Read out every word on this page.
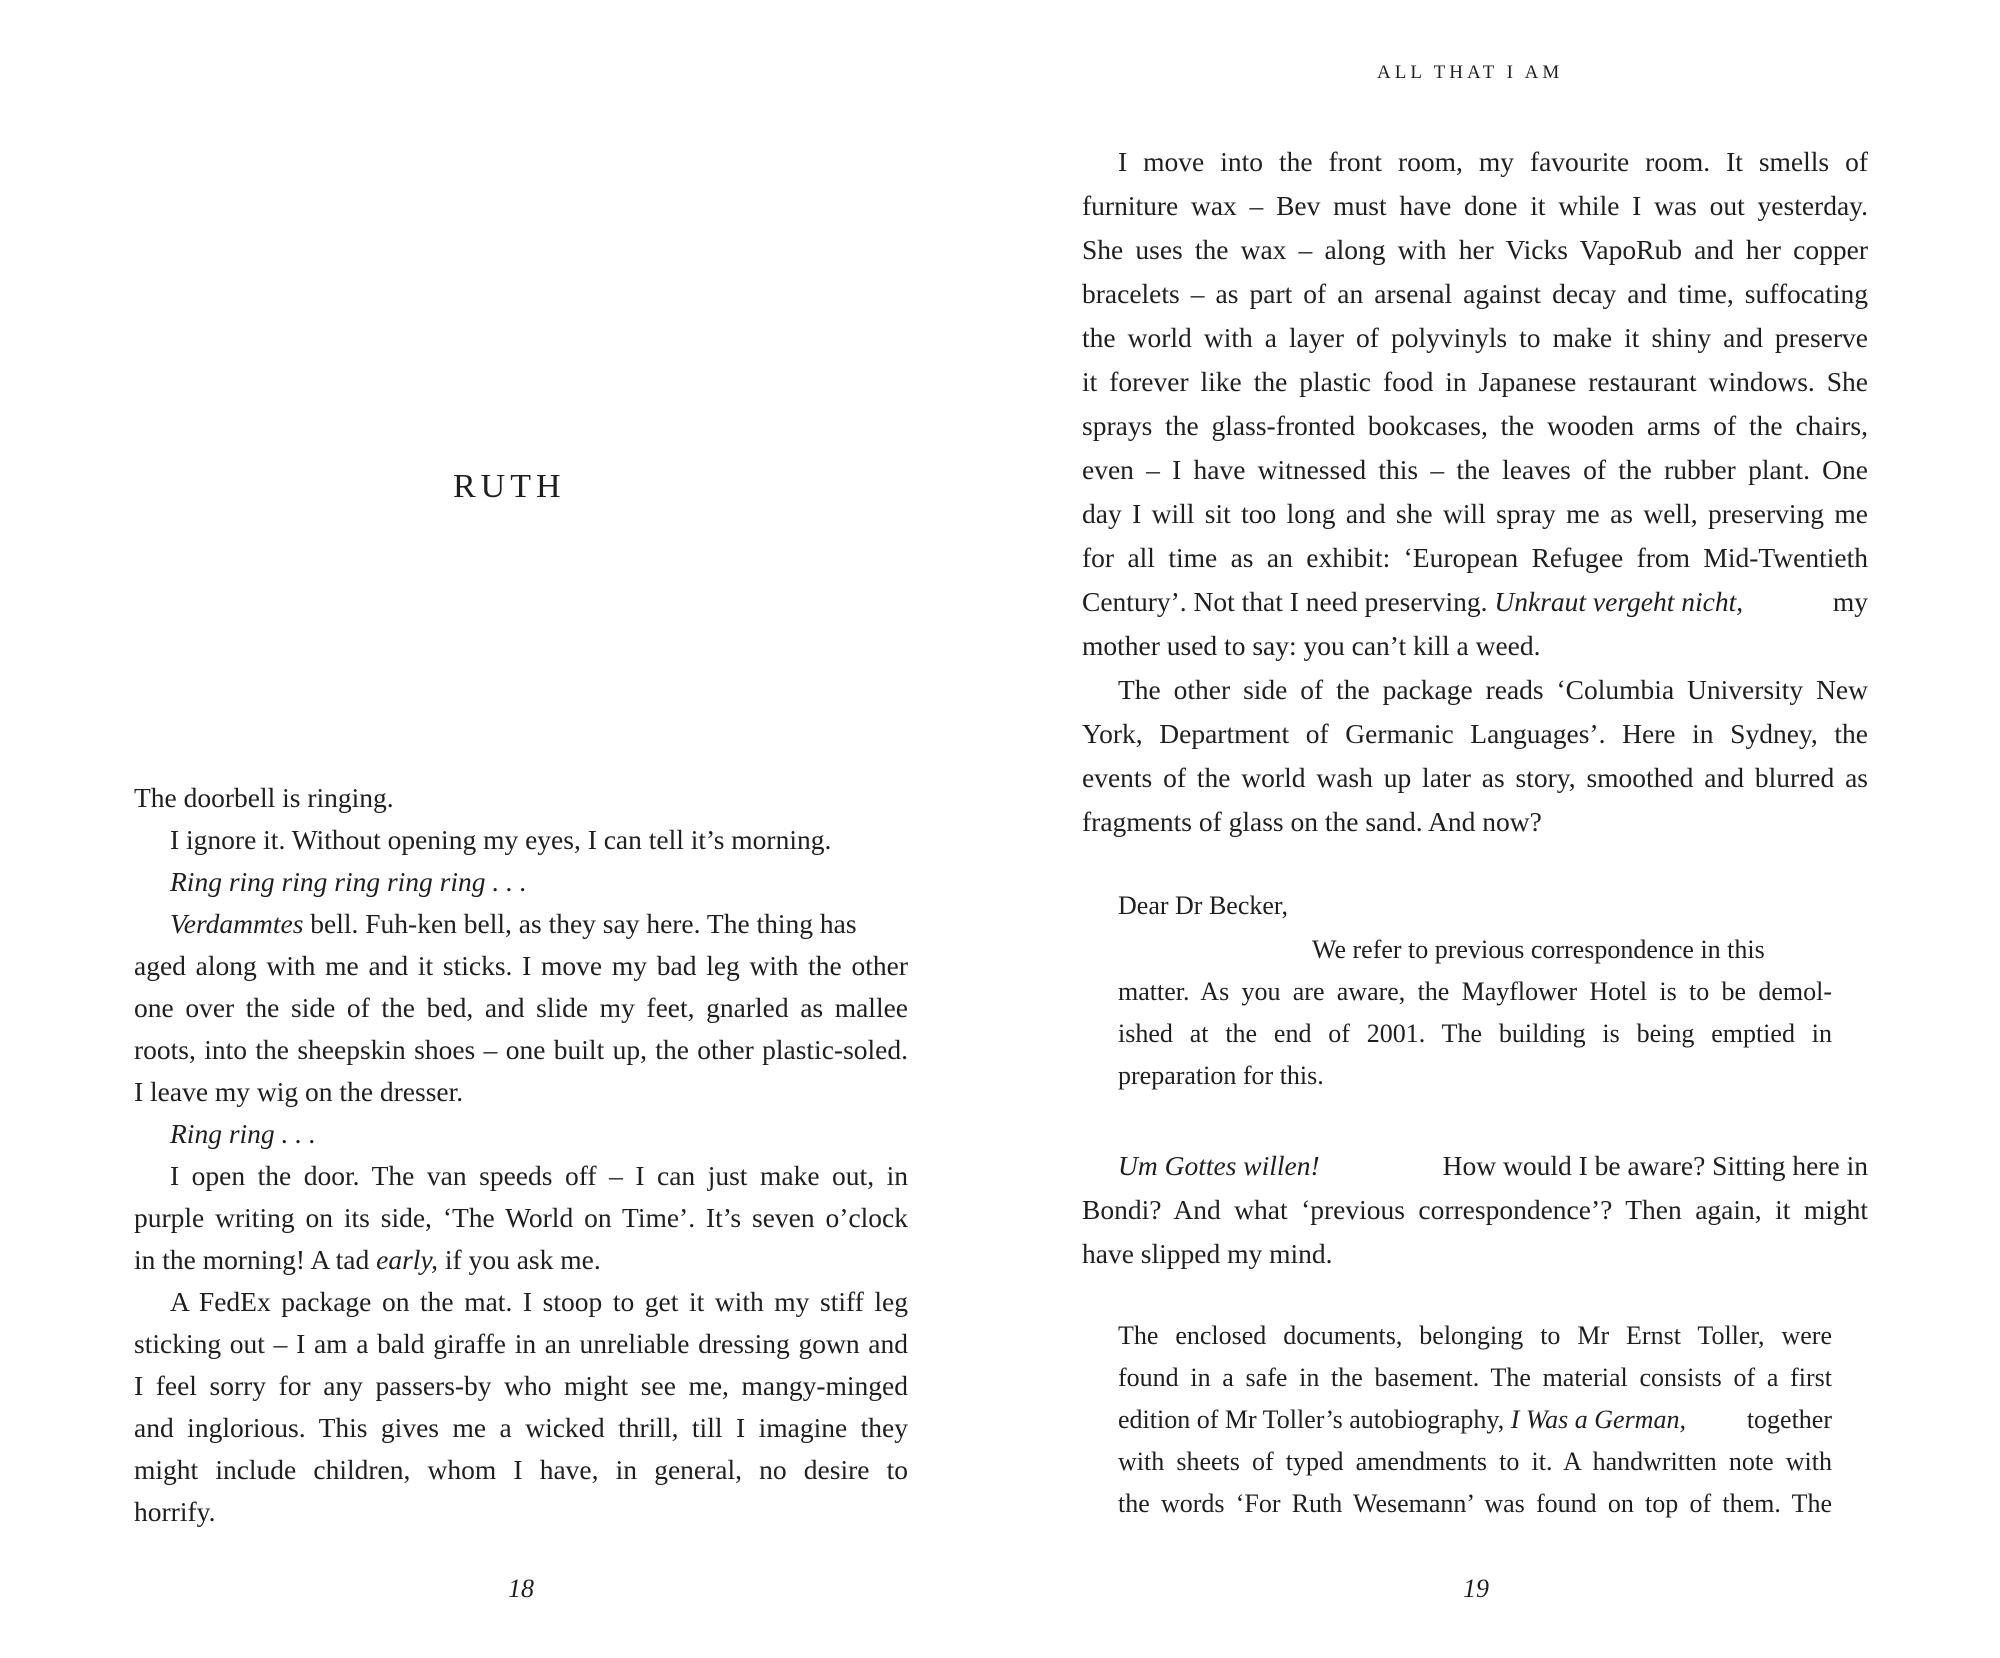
RUTH
The doorbell is ringing.
I ignore it. Without opening my eyes, I can tell it’s morning.
Ring ring ring ring ring ring . . .
Verdammtes bell. Fuh-ken bell, as they say here. The thing has
aged along with me and it sticks. I move my bad leg with the other
one over the side of the bed, and slide my feet, gnarled as mallee
roots, into the sheepskin shoes – one built up, the other plastic-soled.
I leave my wig on the dresser.
Ring ring . . .
I open the door. The van speeds off – I can just make out, in
purple writing on its side, ‘The World on Time’. It’s seven o’clock
in the morning! A tad early, if you ask me.
A FedEx package on the mat. I stoop to get it with my stiff leg
sticking out – I am a bald giraffe in an unreliable dressing gown and
I feel sorry for any passers-by who might see me, mangy-minged
and inglorious. This gives me a wicked thrill, till I imagine they
might include children, whom I have, in general, no desire to
horrify.
18
ALL THAT I AM
I move into the front room, my favourite room. It smells of
furniture wax – Bev must have done it while I was out yesterday.
She uses the wax – along with her Vicks VapoRub and her copper
bracelets – as part of an arsenal against decay and time, suffocating
the world with a layer of polyvinyls to make it shiny and preserve
it forever like the plastic food in Japanese restaurant windows. She
sprays the glass-fronted bookcases, the wooden arms of the chairs,
even – I have witnessed this – the leaves of the rubber plant. One
day I will sit too long and she will spray me as well, preserving me
for all time as an exhibit: ‘European Refugee from Mid-Twentieth
Century’. Not that I need preserving. Unkraut vergeht nicht,	my
mother used to say: you can’t kill a weed.
The other side of the package reads ‘Columbia University New
York, Department of Germanic Languages’. Here in Sydney, the
events of the world wash up later as story, smoothed and blurred as
fragments of glass on the sand. And now?
Dear Dr Becker,
We refer to previous correspondence in this
matter. As you are aware, the Mayflower Hotel is to be demol-
ished at the end of 2001. The building is being emptied in
preparation for this.
Um Gottes willen!	How would I be aware? Sitting here in
Bondi? And what ‘previous correspondence’? Then again, it might
have slipped my mind.
The enclosed documents, belonging to Mr Ernst Toller, were
found in a safe in the basement. The material consists of a first
edition of Mr Toller’s autobiography, I Was a German, together
with sheets of typed amendments to it. A handwritten note with
the words ‘For Ruth Wesemann’ was found on top of them. The
19
